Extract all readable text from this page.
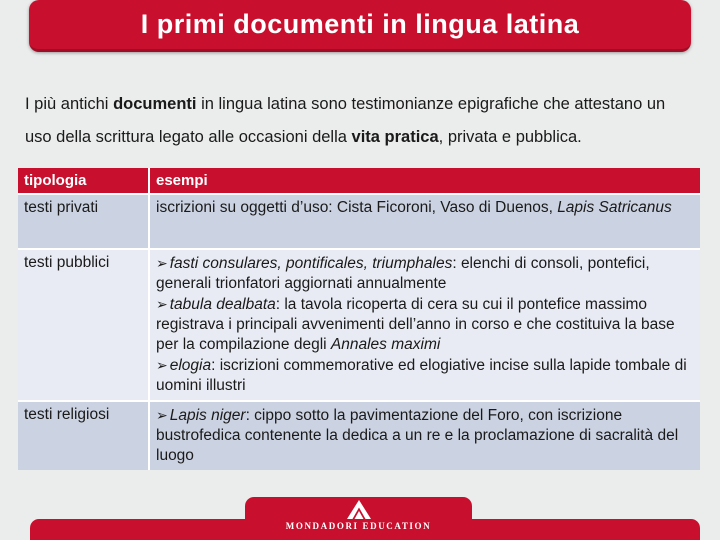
I primi documenti in lingua latina
I più antichi documenti in lingua latina sono testimonianze epigrafiche che attestano un uso della scrittura legato alle occasioni della vita pratica, privata e pubblica.
tipologia	esempi
testi privati	iscrizioni su oggetti d’uso: Cista Ficoroni, Vaso di Duenos, Lapis Satricanus

testi pubblici	➢ fasti consulares, pontificales, triumphales: elenchi di consoli, pontefici, generali trionfatori aggiornati annualmente
➢ tabula dealbata: la tavola ricoperta di cera su cui il pontefice massimo registrava i principali avvenimenti dell’anno in corso e che costituiva la base per la compilazione degli Annales maximi
➢ elogia: iscrizioni commemorative ed elogiative incise sulla lapide tombale di uomini illustri

testi religiosi	➢ Lapis niger: cippo sotto la pavimentazione del Foro, con iscrizione bustrofedica contenente la dedica a un re e la proclamazione di sacralità del luogo
MONDADORI EDUCATION
